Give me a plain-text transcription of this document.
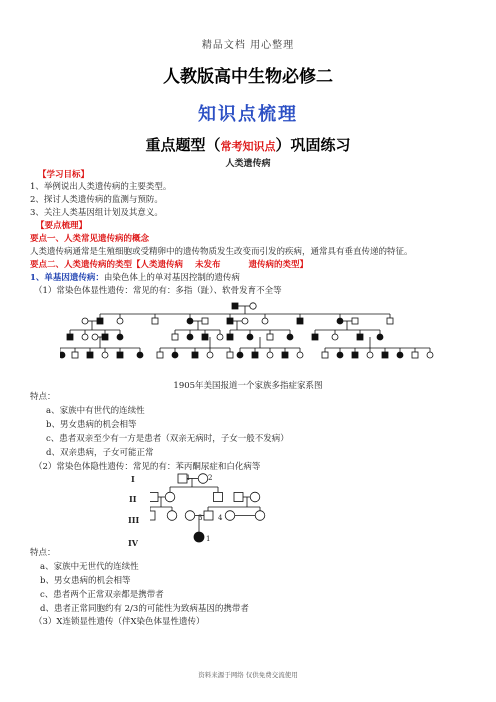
精品文档 用心整理
人教版高中生物必修二
知识点梳理
重点题型（常考知识点）巩固练习
人类遗传病
【学习目标】
1、举例说出人类遗传病的主要类型。
2、探讨人类遗传病的监测与预防。
3、关注人类基因组计划及其意义。
【要点梳理】
要点一、人类常见遗传病的概念
人类遗传病通常是生殖细胞或受精卵中的遗传物质发生改变而引发的疾病，通常具有垂直传递的特征。
要点二、人类遗传病的类型【人类遗传病 未发布	遗传病的类型】
1、单基因遗传病：由染色体上的单对基因控制的遗传病
（1）常染色体显性遗传：常见的有：多指（趾）、软骨发育不全等
1905年美国报道一个家族多指症家系图
特点：
a、家族中有世代的连续性
b、男女患病的机会相等
c、患者双亲至少有一方是患者（双亲无病时，子女一般不发病）
d、双亲患病，子女可能正常
（2）常染色体隐性遗传：常见的有：苯丙酮尿症和白化病等
I
II
III
IV
1	2
3 4
1
特点：
a、家族中无世代的连续性
b、男女患病的机会相等
c、患者两个正常双亲都是携带者
d、患者正常同胞约有 2/3的可能性为致病基因的携带者
（3）X连锁显性遗传（伴X染色体显性遗传）
资料来源于网络 仅供免费交流使用
